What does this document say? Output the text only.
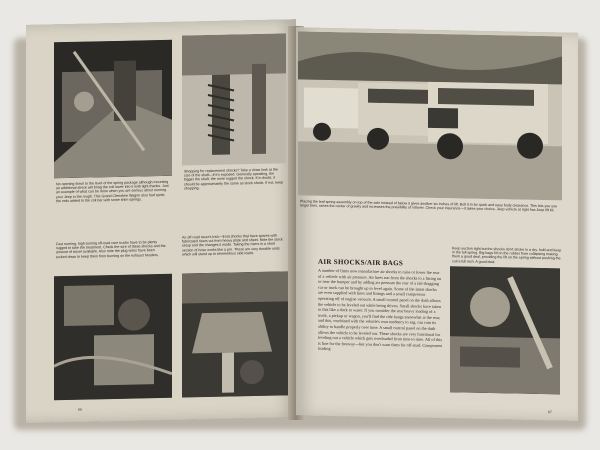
No opening down to the level of the spring package although mounting an additional shock will bring the coil lower into it with tight thanks. Just an example of what can be done when you are serious about running your Jeep in the rough. This Grand Cherokee Wagon also had spots the rods added to the coil bar with some shim springs.
Shopping for replacement shocks? Take a close look at the size of the shaft—if it's exposed. Generally speaking, the bigger the shaft, the more rugged the shock. If in doubt, it should be approximately the same as stock shock. If not, keep shopping.
Fast running, high-turning off-road race trucks have to be plenty rugged to take the treatment. Check the size of these shocks and the amount of travel available. Also note the plug wires have been tucked down to keep them from burning on the exhaust headers.
An off-road racer's trick—front shocks that have spares with fabricated risers cut from heavy plate and sheet. Note the stock setup and the changes it made. Taking the risers in a short section of hose works like a pro. These are very durable units which will stand up to tremendous side loads.
66
Placing the leaf spring assembly on top of the axle instead of below it gives another six inches of lift. Bolt it in for quick and easy body clearance. This lets you use larger tires, raises the center of gravity and increases the possibility of rollover. Check your insurance—it takes your choice. Jeep vehicle at right has Jeep lift kit.
AIR SHOCKS/AIR BAGS
A number of firms now manufacture air shocks to raise or lower the rear of a vehicle with air pressure. Air lines run from the shocks to a fitting on or near the bumper and by adding air pressure the rear of a tail-dragging car or truck can be brought up to level again. Some of the latest shocks are even supplied with lines and fittings and a small compressor operating off of engine vacuum. A small control panel on the dash allows the vehicle to be leveled out while being driven. Small shocks have taken to this like a duck to water. If you consider the rear heavy loading of a truck, a pickup or wagon, you'll find the ride hangs somewhat at the rear, and this, combined with the vehicle's own tendency to sag, can ruin its ability to handle properly over time. A small control panel on the dash allows the vehicle to be leveled out. These shocks are very functional for leveling out a vehicle which gets overloaded from time to time. All of this is fine for the freeway—but you don't want them for off-road. Component loading
Keep suction tight but the shocks don't stroke in a dry, hold and keep in the full spring. Big bags fill on the rubber from collapsing making them a good deal, providing the lift on the spring without pushing the coil a full inch. A good deal.
67
